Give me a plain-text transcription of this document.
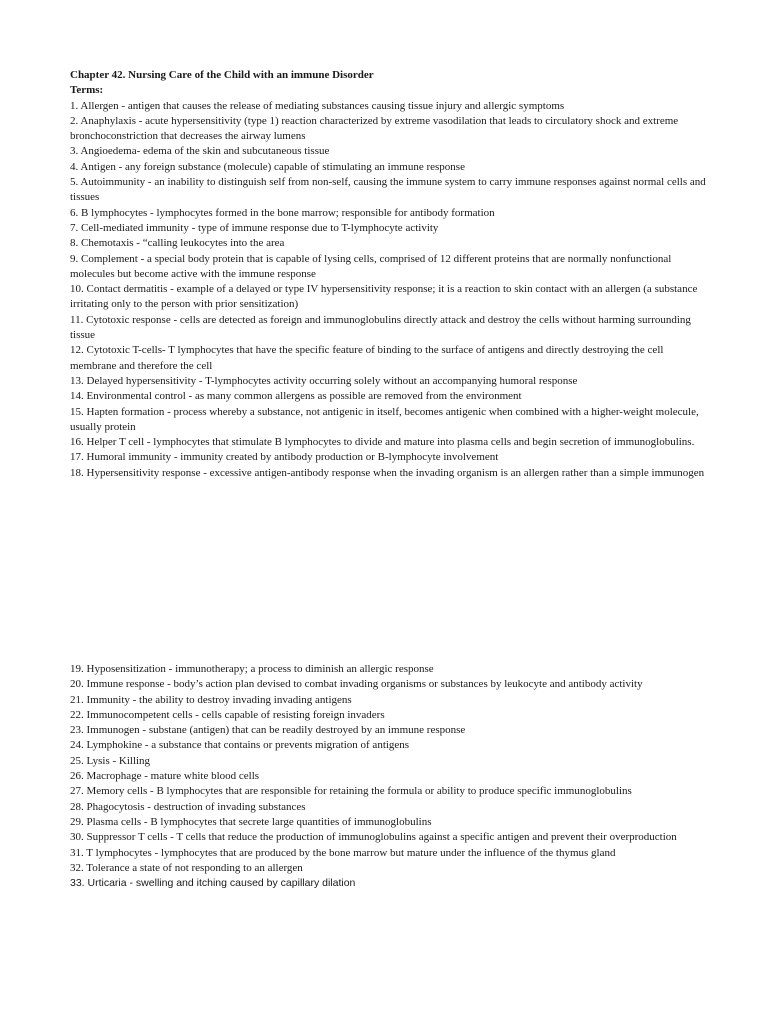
Chapter 42. Nursing Care of the Child with an immune Disorder

Terms:

1. Allergen - antigen that causes the release of mediating substances causing tissue injury and allergic symptoms

2. Anaphylaxis - acute hypersensitivity (type 1) reaction characterized by extreme vasodilation that leads to circulatory shock and extreme bronchoconstriction that decreases the airway lumens

3. Angioedema- edema of the skin and subcutaneous tissue

4. Antigen - any foreign substance (molecule) capable of stimulating an immune response

5. Autoimmunity - an inability to distinguish self from non-self, causing the immune system to carry immune responses against normal cells and tissues

6. B lymphocytes - lymphocytes formed in the bone marrow; responsible for antibody formation

7. Cell-mediated immunity - type of immune response due to T-lymphocyte activity

8. Chemotaxis - “calling leukocytes into the area

9. Complement - a special body protein that is capable of lysing cells, comprised of 12 different proteins that are normally nonfunctional molecules but become active with the immune response

10. Contact dermatitis - example of a delayed or type IV hypersensitivity response; it is a reaction to skin contact with an allergen (a substance irritating only to the person with prior sensitization)

11. Cytotoxic response - cells are detected as foreign and immunoglobulins directly attack and destroy the cells without harming surrounding tissue

12. Cytotoxic T-cells- T lymphocytes that have the specific feature of binding to the surface of antigens and directly destroying the cell membrane and therefore the cell

13. Delayed hypersensitivity - T-lymphocytes activity occurring solely without an accompanying humoral response

14. Environmental control - as many common allergens as possible are removed from the environment

15. Hapten formation - process whereby a substance, not antigenic in itself, becomes antigenic when combined with a higher-weight molecule, usually protein

16. Helper T cell - lymphocytes that stimulate B lymphocytes to divide and mature into plasma cells and begin secretion of immunoglobulins.

17. Humoral immunity - immunity created by antibody production or B-lymphocyte involvement

18. Hypersensitivity response - excessive antigen-antibody response when the invading organism is an allergen rather than a simple immunogen

19. Hyposensitization - immunotherapy; a process to diminish an allergic response

20. Immune response - body’s action plan devised to combat invading organisms or substances by leukocyte and antibody activity

21. Immunity - the ability to destroy invading invading antigens

22. Immunocompetent cells - cells capable of resisting foreign invaders

23. Immunogen - substane (antigen) that can be readily destroyed by an immune response

24. Lymphokine - a substance that contains or prevents migration of antigens

25. Lysis - Killing

26. Macrophage - mature white blood cells

27. Memory cells - B lymphocytes that are responsible for retaining the formula or ability to produce specific immunoglobulins

28. Phagocytosis - destruction of invading substances

29. Plasma cells - B lymphocytes that secrete large quantities of immunoglobulins

30. Suppressor T cells - T cells that reduce the production of immunoglobulins against a specific antigen and prevent their overproduction

31. T lymphocytes - lymphocytes that are produced by the bone marrow but mature under the influence of the thymus gland

32. Tolerance a state of not responding to an allergen

33. Urticaria - swelling and itching caused by capillary dilation
